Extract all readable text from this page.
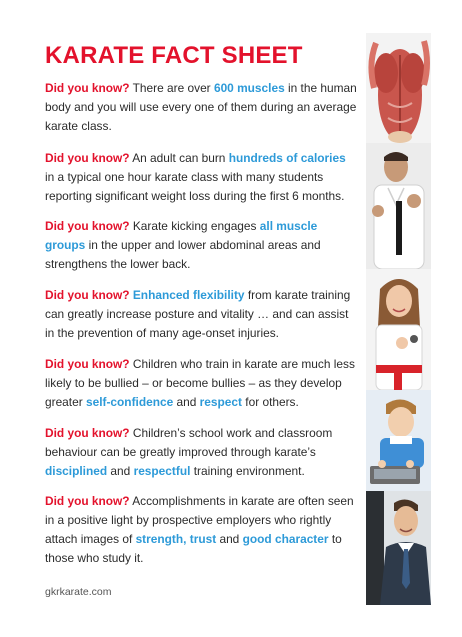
KARATE FACT SHEET

Did you know? There are over 600 muscles in the human body and you will use every one of them during an average karate class.

Did you know? An adult can burn hundreds of calories in a typical one hour karate class with many students reporting significant weight loss during the first 6 months.

Did you know? Karate kicking engages all muscle groups in the upper and lower abdominal areas and strengthens the lower back.

Did you know? Enhanced flexibility from karate training can greatly increase posture and vitality … and can assist in the prevention of many age‑onset injuries.

Did you know? Children who train in karate are much less likely to be bullied – or become bullies – as they develop greater self‑confidence and respect for others.

Did you know? Children’s school work and classroom behaviour can be greatly improved through karate’s disciplined and respectful training environment.

Did you know? Accomplishments in karate are often seen in a positive light by prospective employers who rightly attach images of strength, trust and good character to those who study it.

gkrkarate.com
